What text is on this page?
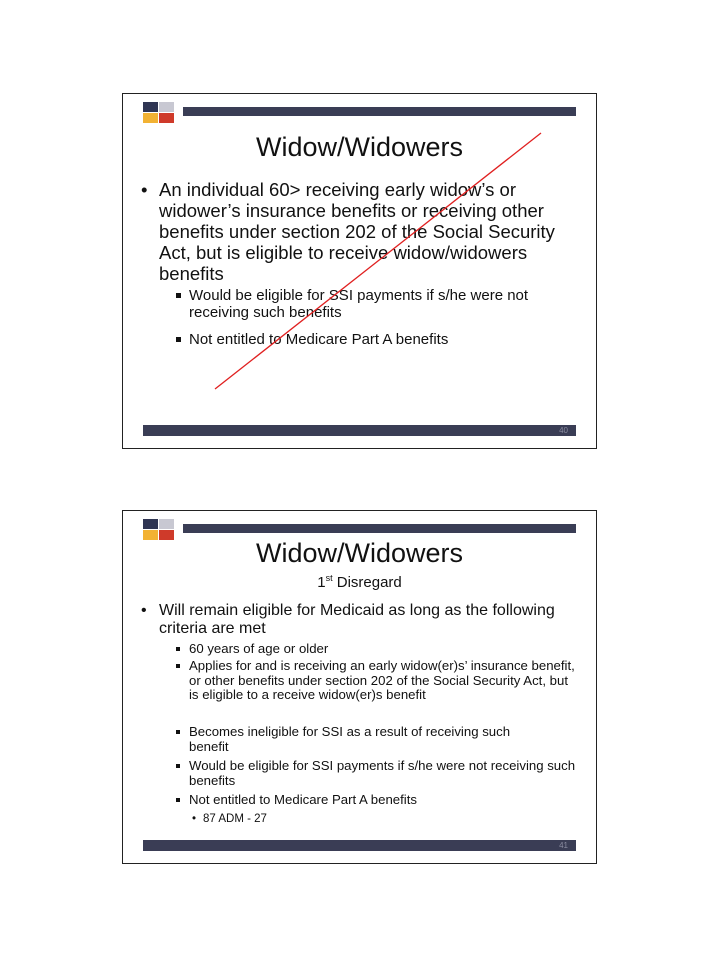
Widow/Widowers
• An individual 60> receiving early widow’s or widower’s insurance benefits or receiving other benefits under section 202 of the Social Security Act, but is eligible to receive widow/widowers benefits
Would be eligible for SSI payments if s/he were not receiving such benefits
Not entitled to Medicare Part A benefits
40
Widow/Widowers
1st Disregard
• Will remain eligible for Medicaid as long as the following criteria are met
60 years of age or older
Applies for and is receiving an early widow(er)s’ insurance benefit, or other benefits under section 202 of the Social Security Act, but is eligible to a receive widow(er)s benefit
Becomes ineligible for SSI as a result of receiving such benefit
Would be eligible for SSI payments if s/he were not receiving such benefits
Not entitled to Medicare Part A benefits
• 87 ADM - 27
41
